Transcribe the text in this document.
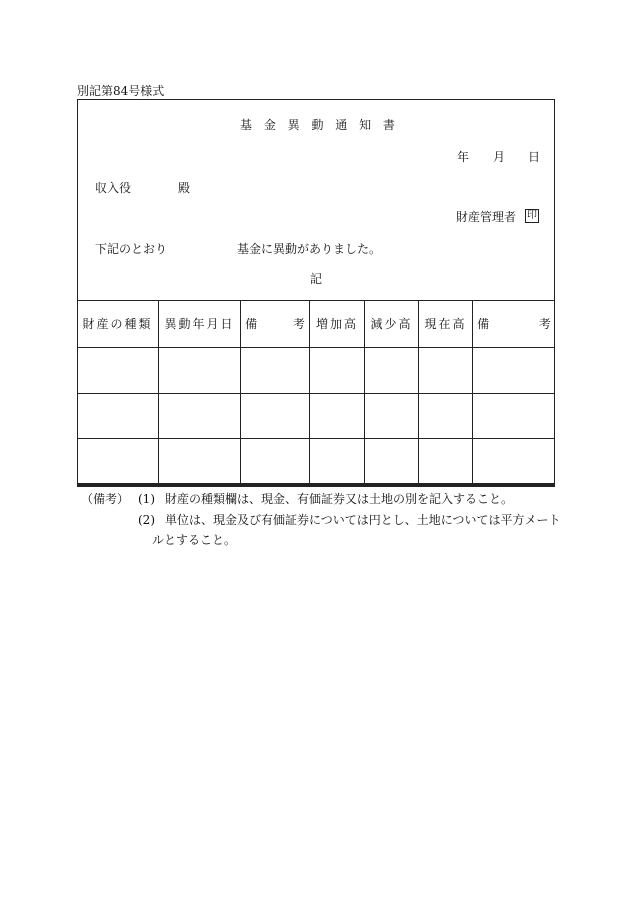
別記第84号様式
基 金 異 動 通 知 書
年 月 日
収入役	殿
財産管理者 印
下記のとおり	基金に異動がありました。
記
財産の種類 異動年月日 備 考 増加高 減少高 現在高 備 考
（備考） (1) 財産の種類欄は、現金、有価証券又は土地の別を記入すること。
(2) 単位は、現金及び有価証券については円とし、土地については平方メート
ルとすること。
